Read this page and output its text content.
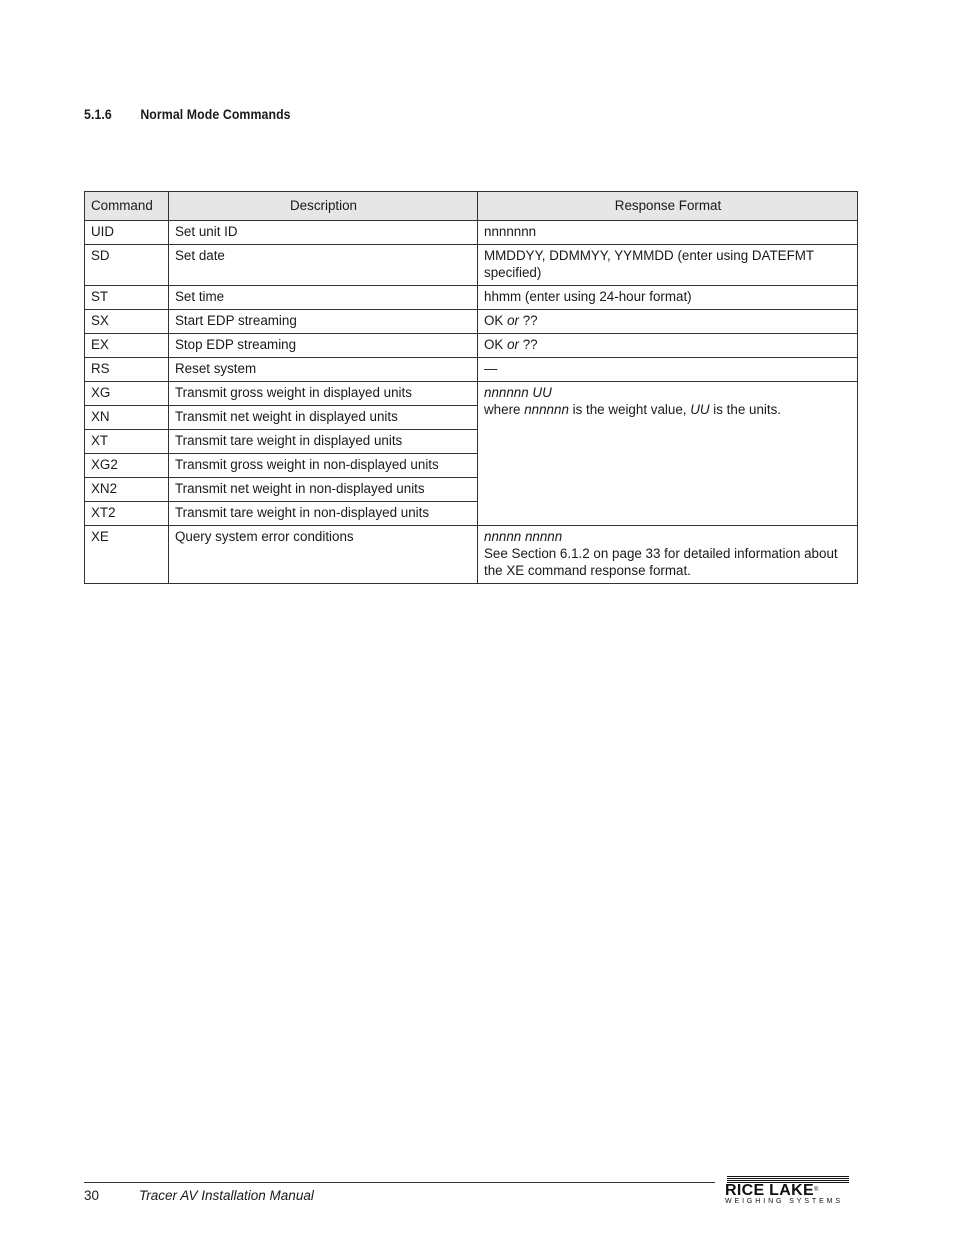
5.1.6 Normal Mode Commands
Command	Description	Response Format
UID	Set unit ID	nnnnnnn
SD	Set date	MMDDYY, DDMMYY, YYMMDD (enter using DATEFMT specified)
ST	Set time	hhmm (enter using 24-hour format)
SX	Start EDP streaming	OK or ??
EX	Stop EDP streaming	OK or ??
RS	Reset system	—
XG	Transmit gross weight in displayed units	nnnnnn UU
where nnnnnn is the weight value, UU is the units.

XN	Transmit net weight in displayed units	
XT	Transmit tare weight in displayed units	
XG2	Transmit gross weight in non-displayed units	
XN2	Transmit net weight in non-displayed units	
XT2	Transmit tare weight in non-displayed units	
XE	Query system error conditions	nnnnn nnnnn
See Section 6.1.2 on page 33 for detailed information about the XE command response format.
30	Tracer AV Installation Manual	RICE LAKE®
WEIGHING SYSTEMS
